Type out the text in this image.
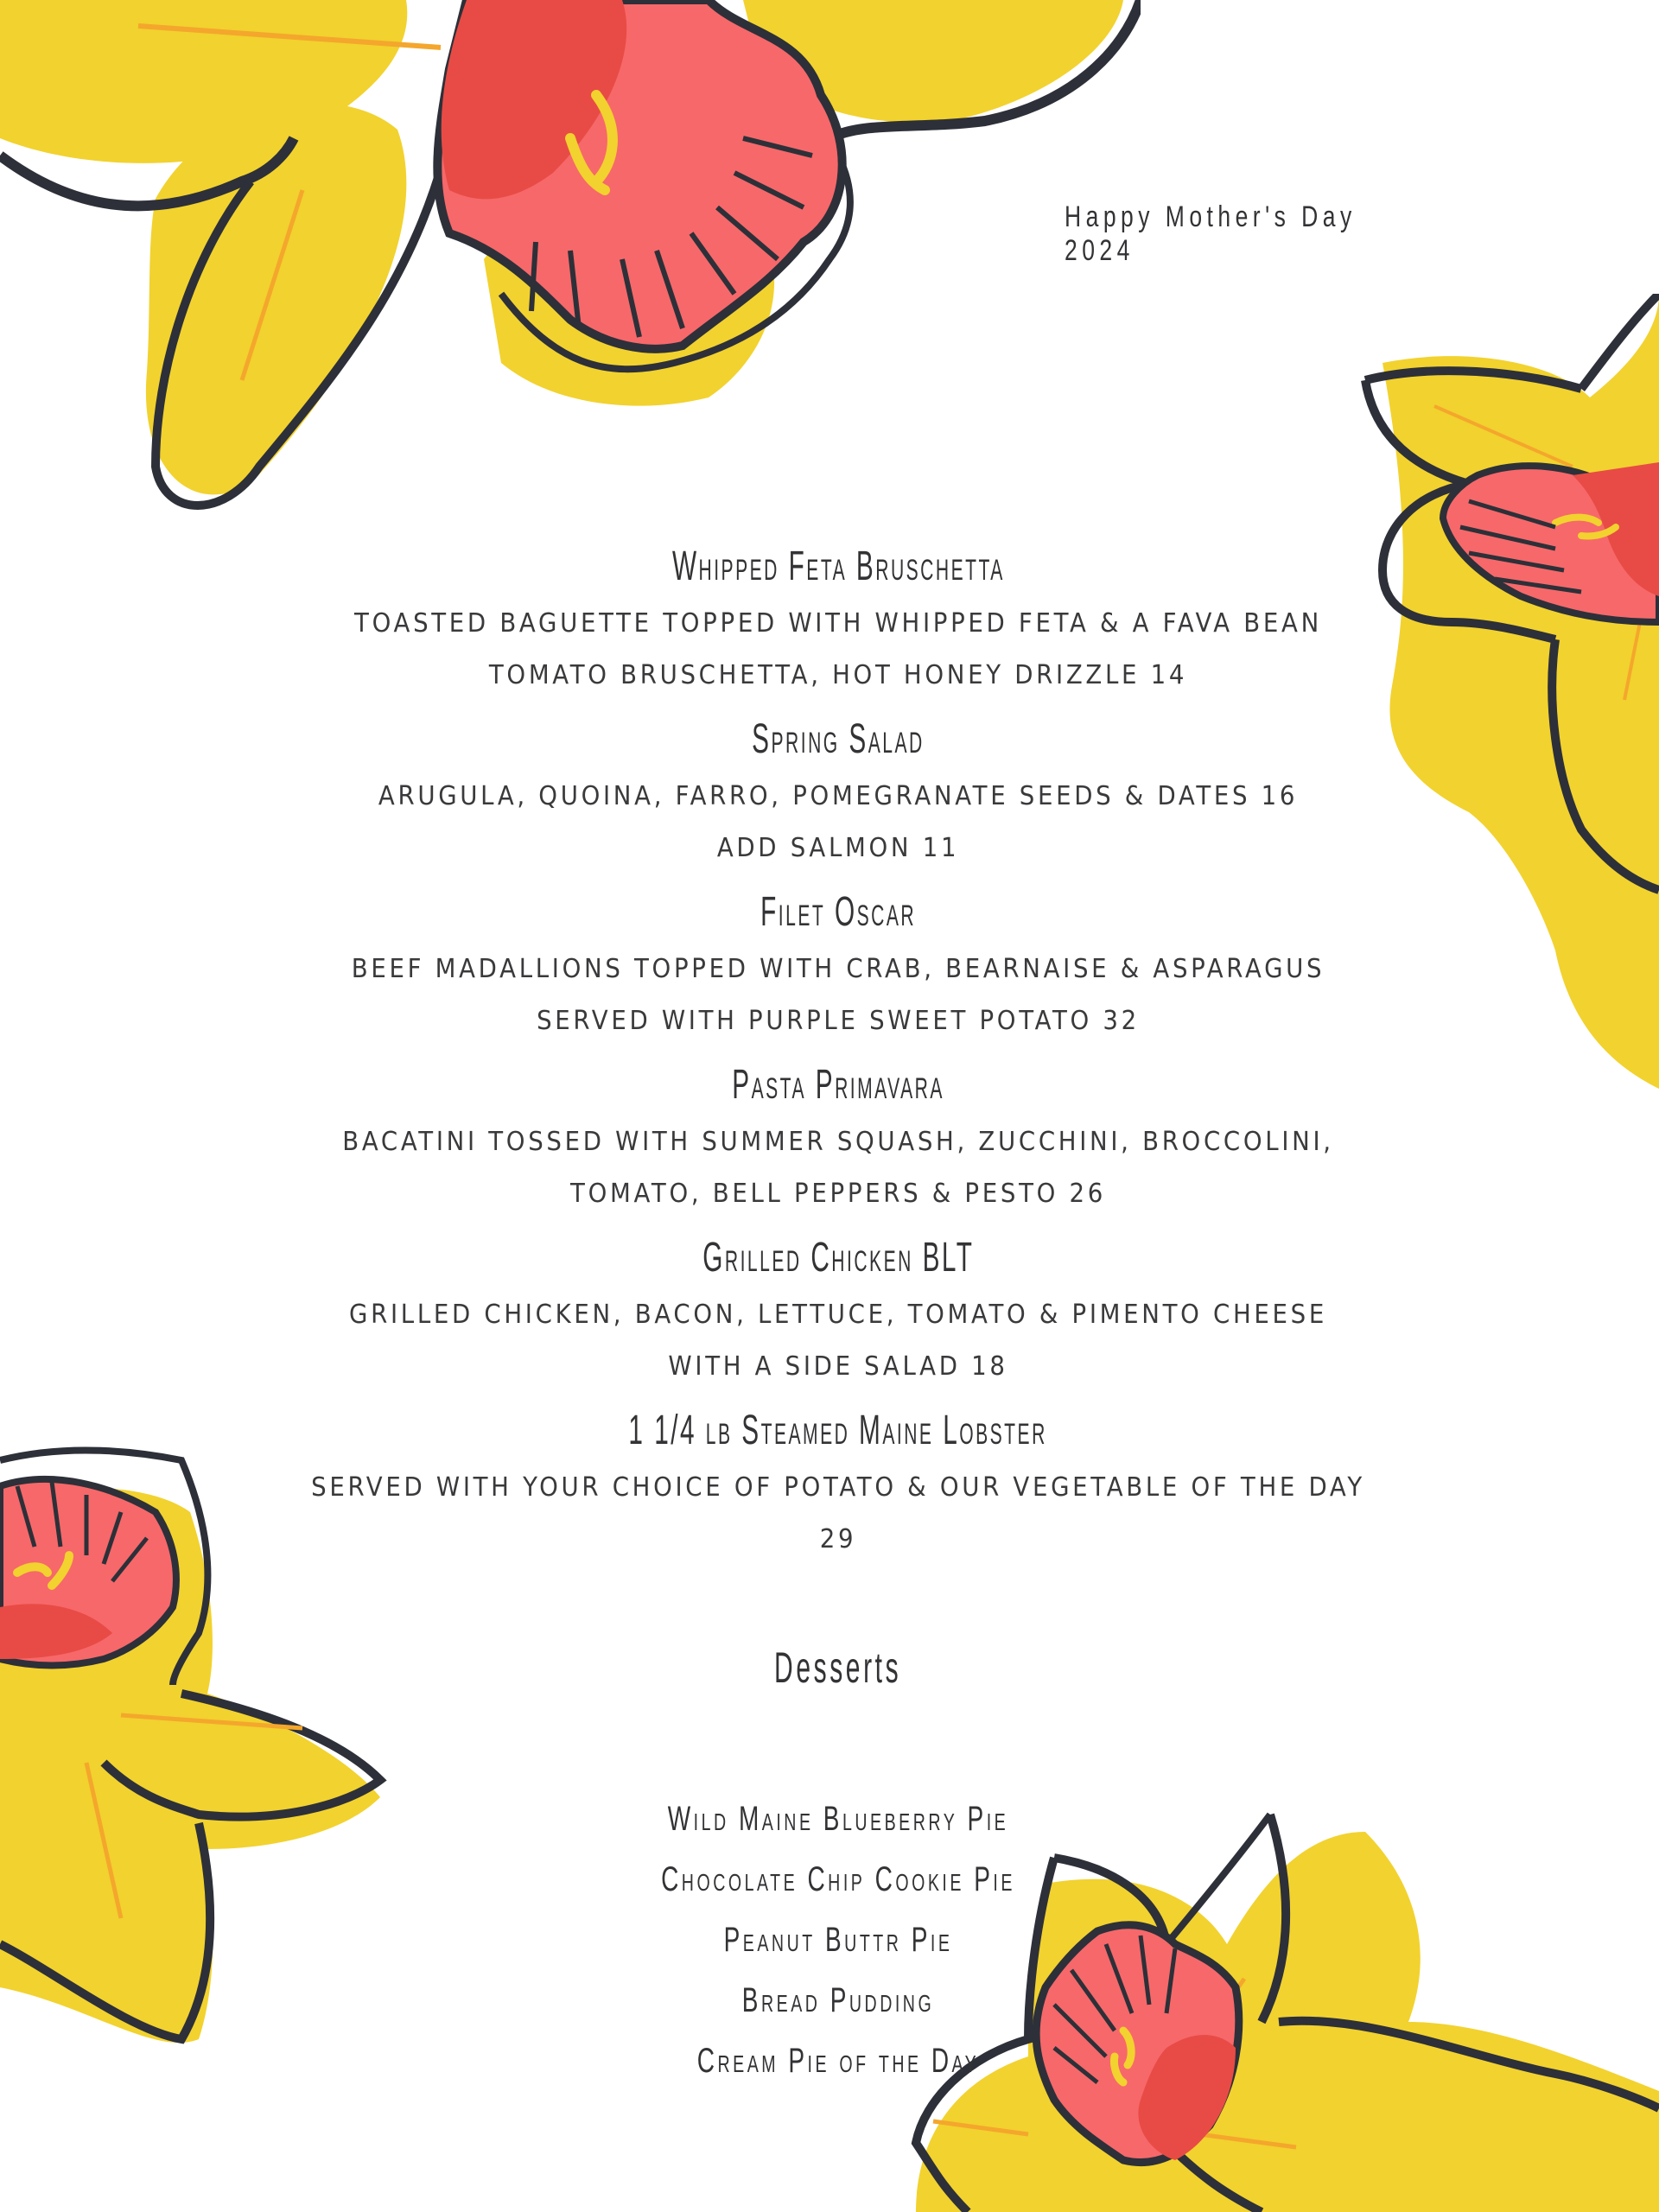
Happy Mother's Day 2024
Whipped Feta Bruschetta
TOASTED BAGUETTE TOPPED WITH WHIPPED FETA & A FAVA BEAN
TOMATO BRUSCHETTA, HOT HONEY DRIZZLE 14
Spring Salad
ARUGULA, QUOINA, FARRO, POMEGRANATE SEEDS & DATES 16
ADD SALMON 11
Filet Oscar
BEEF MADALLIONS TOPPED WITH CRAB, BEARNAISE & ASPARAGUS
SERVED WITH PURPLE SWEET POTATO 32
Pasta Primavara
BACATINI TOSSED WITH SUMMER SQUASH, ZUCCHINI, BROCCOLINI,
TOMATO, BELL PEPPERS & PESTO 26
Grilled Chicken BLT
GRILLED CHICKEN, BACON, LETTUCE, TOMATO & PIMENTO CHEESE
WITH A SIDE SALAD 18
1 1/4 lb Steamed Maine Lobster
SERVED WITH YOUR CHOICE OF POTATO & OUR VEGETABLE OF THE DAY 29
Desserts
Wild Maine Blueberry Pie
Chocolate Chip Cookie Pie
Peanut Buttr Pie
Bread Pudding
Cream Pie of the Day
